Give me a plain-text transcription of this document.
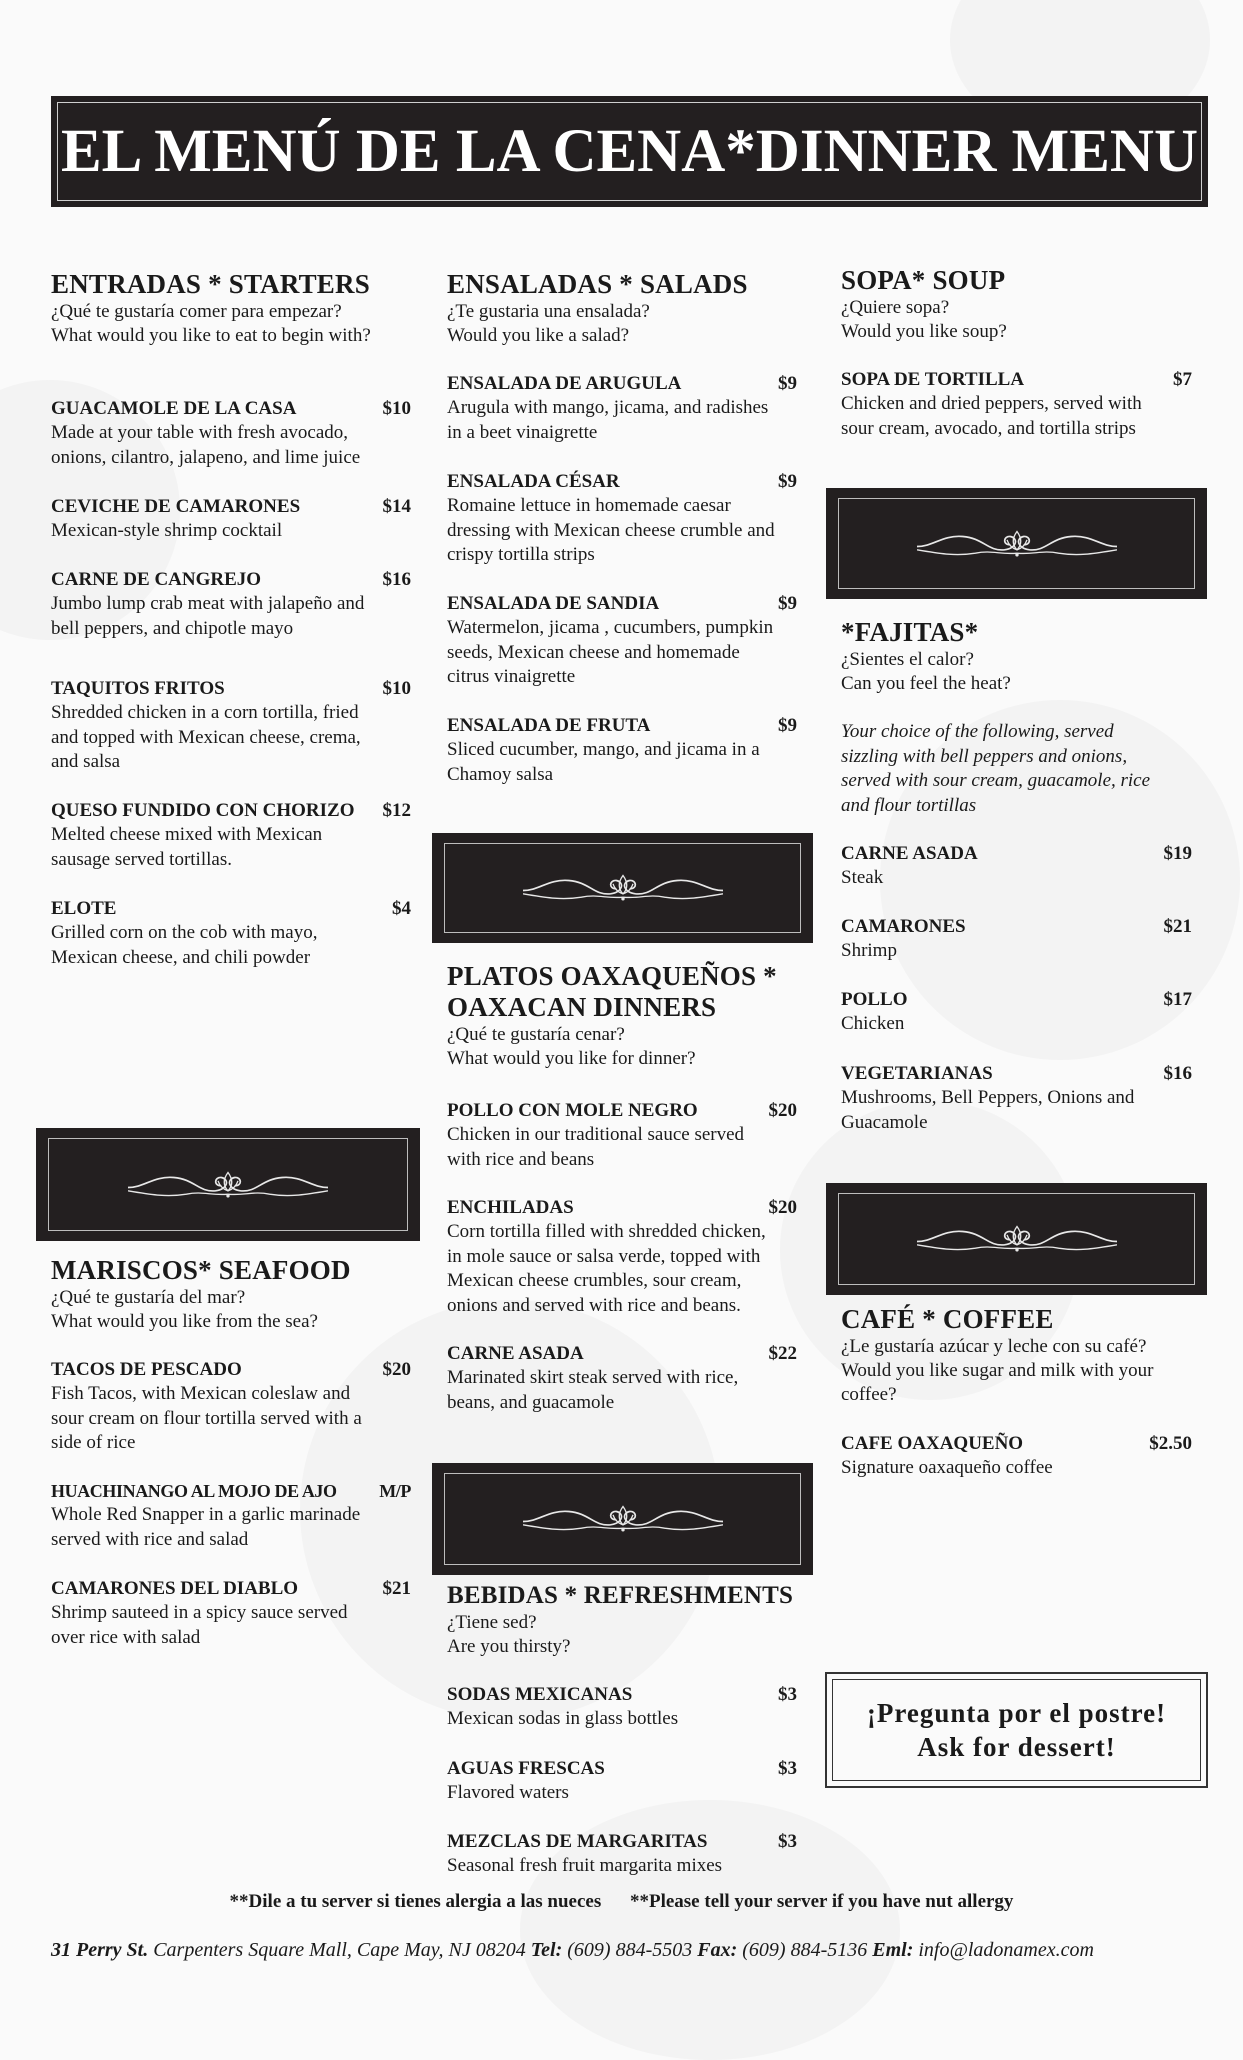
EL MENÚ DE LA CENA*DINNER MENU
ENTRADAS * STARTERS
¿Qué te gustaría comer para empezar?
What would you like to eat to begin with?
GUACAMOLE DE LA CASA	$10
Made at your table with fresh avocado,
onions, cilantro, jalapeno, and lime juice
CEVICHE DE CAMARONES	$14
Mexican-style shrimp cocktail
CARNE DE CANGREJO	$16
Jumbo lump crab meat with jalapeño and
bell peppers, and chipotle mayo
TAQUITOS FRITOS	$10
Shredded chicken in a corn tortilla, fried
and topped with Mexican cheese, crema,
and salsa
QUESO FUNDIDO CON CHORIZO $12
Melted cheese mixed with Mexican
sausage served tortillas.
ELOTE	$4
Grilled corn on the cob with mayo,
Mexican cheese, and chili powder
MARISCOS* SEAFOOD
¿Qué te gustaría del mar?
What would you like from the sea?
TACOS DE PESCADO	$20
Fish Tacos, with Mexican coleslaw and
sour cream on flour tortilla served with a
side of rice
HUACHINANGO AL MOJO DE AJO M/P
Whole Red Snapper in a garlic marinade
served with rice and salad
CAMARONES DEL DIABLO	$21
Shrimp sauteed in a spicy sauce served
over rice with salad
ENSALADAS * SALADS
¿Te gustaria una ensalada?
Would you like a salad?
ENSALADA DE ARUGULA	$9
Arugula with mango, jicama, and radishes
in a beet vinaigrette
ENSALADA CÉSAR	$9
Romaine lettuce in homemade caesar
dressing with Mexican cheese crumble and
crispy tortilla strips
ENSALADA DE SANDIA	$9
Watermelon, jicama , cucumbers, pumpkin
seeds, Mexican cheese and homemade
citrus vinaigrette
ENSALADA DE FRUTA	$9
Sliced cucumber, mango, and jicama in a
Chamoy salsa
PLATOS OAXAQUEÑOS *
OAXACAN DINNERS
¿Qué te gustaría cenar?
What would you like for dinner?
POLLO CON MOLE NEGRO	$20
Chicken in our traditional sauce served
with rice and beans
ENCHILADAS	$20
Corn tortilla filled with shredded chicken,
in mole sauce or salsa verde, topped with
Mexican cheese crumbles, sour cream,
onions and served with rice and beans.
CARNE ASADA	$22
Marinated skirt steak served with rice,
beans, and guacamole
BEBIDAS * REFRESHMENTS
¿Tiene sed?
Are you thirsty?
SODAS MEXICANAS	$3
Mexican sodas in glass bottles
AGUAS FRESCAS	$3
Flavored waters
MEZCLAS DE MARGARITAS	$3
Seasonal fresh fruit margarita mixes
SOPA* SOUP
¿Quiere sopa?
Would you like soup?
SOPA DE TORTILLA	$7
Chicken and dried peppers, served with
sour cream, avocado, and tortilla strips
*FAJITAS*
¿Sientes el calor?
Can you feel the heat?
Your choice of the following, served
sizzling with bell peppers and onions,
served with sour cream, guacamole, rice
and flour tortillas
CARNE ASADA	$19
Steak
CAMARONES	$21
Shrimp
POLLO	$17
Chicken
VEGETARIANAS	$16
Mushrooms, Bell Peppers, Onions and
Guacamole
CAFÉ * COFFEE
¿Le gustaría azúcar y leche con su café?
Would you like sugar and milk with your
coffee?
CAFE OAXAQUEÑO	$2.50
Signature oaxaqueño coffee
¡Pregunta por el postre!
Ask for dessert!
**Dile a tu server si tienes alergia a las nueces **Please tell your server if you have nut allergy
31 Perry St. Carpenters Square Mall, Cape May, NJ 08204 Tel: (609) 884-5503 Fax: (609) 884-5136 Eml: info@ladonamex.com
